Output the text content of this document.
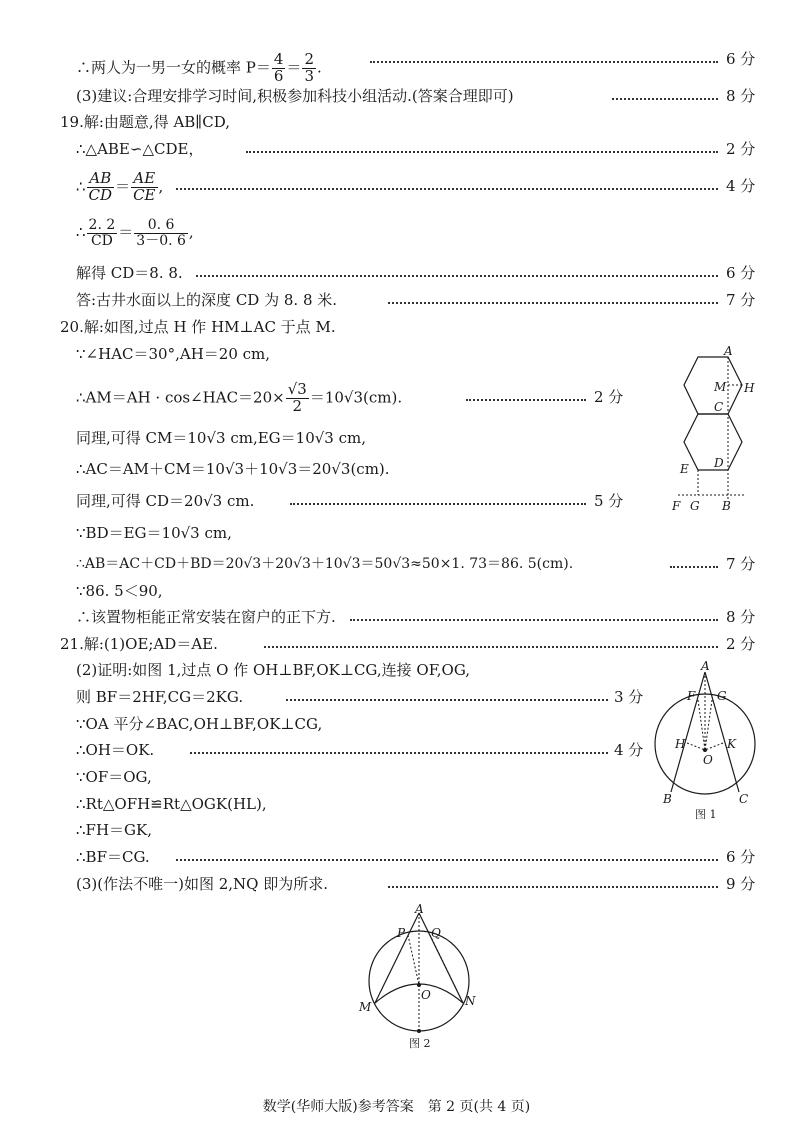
∴两人为一男一女的概率 $P= \frac{4}{6} = \frac{2}{3}$ .	6 分
(3)建议:合理安排学习时间,积极参加科技小组活动.(答案合理即可)	8 分
19.解:由题意,得 AB∥CD,
∴△ABE∽△CDE，	2 分
∴ $\frac{AB}{CD} = \frac{AE}{CE}$ ,	4 分
∴ $\frac{2. 2}{CD} = \frac{0. 6}{3-0. 6}$ ,
解得 CD＝8. 8.	6 分
答:古井水面以上的深度 CD 为 8. 8 米.	7 分
20.解:如图,过点 H 作 HM⊥AC 于点 M.
∵∠HAC＝30°,AH＝20 cm,
∴AM＝AH · cos∠HAC＝20× $\frac{√3}{2} =10√3(cm)$.	2 分
同理,可得 CM＝10√3 cm,EG＝10√3 cm,
∴AC＝AM＋CM＝10√3＋10√3＝20√3(cm).
同理,可得 CD＝20√3 cm.	5 分
∵BD＝EG＝10√3 cm,
∴AB＝AC＋CD＋BD＝20√3＋20√3＋10√3＝50√3≈50×1. 73＝86. 5(cm).	7 分
∵86. 5＜90,
∴该置物柜能正常安装在窗户的正下方.	8 分
21.解:(1)OE;AD＝AE.	2 分
(2)证明:如图 1,过点 O 作 OH⊥BF,OK⊥CG,连接 OF,OG,
则 BF＝2HF,CG＝2KG.	3 分
∵OA 平分∠BAC,OH⊥BF,OK⊥CG,
∴OH＝OK.	4 分
∵OF＝OG,
∴Rt△OFH≌Rt△OGK(HL),
∴FH＝GK,
∴BF＝CG.	6 分
(3)(作法不唯一)如图 2,NQ 即为所求.	9 分
A
M H
C
E D
F G B
A
F G
H	K
O
B	C
图 1
A
P Q
O
M	N
图 2
数学(华师大版)参考答案　第 2 页(共 4 页)
